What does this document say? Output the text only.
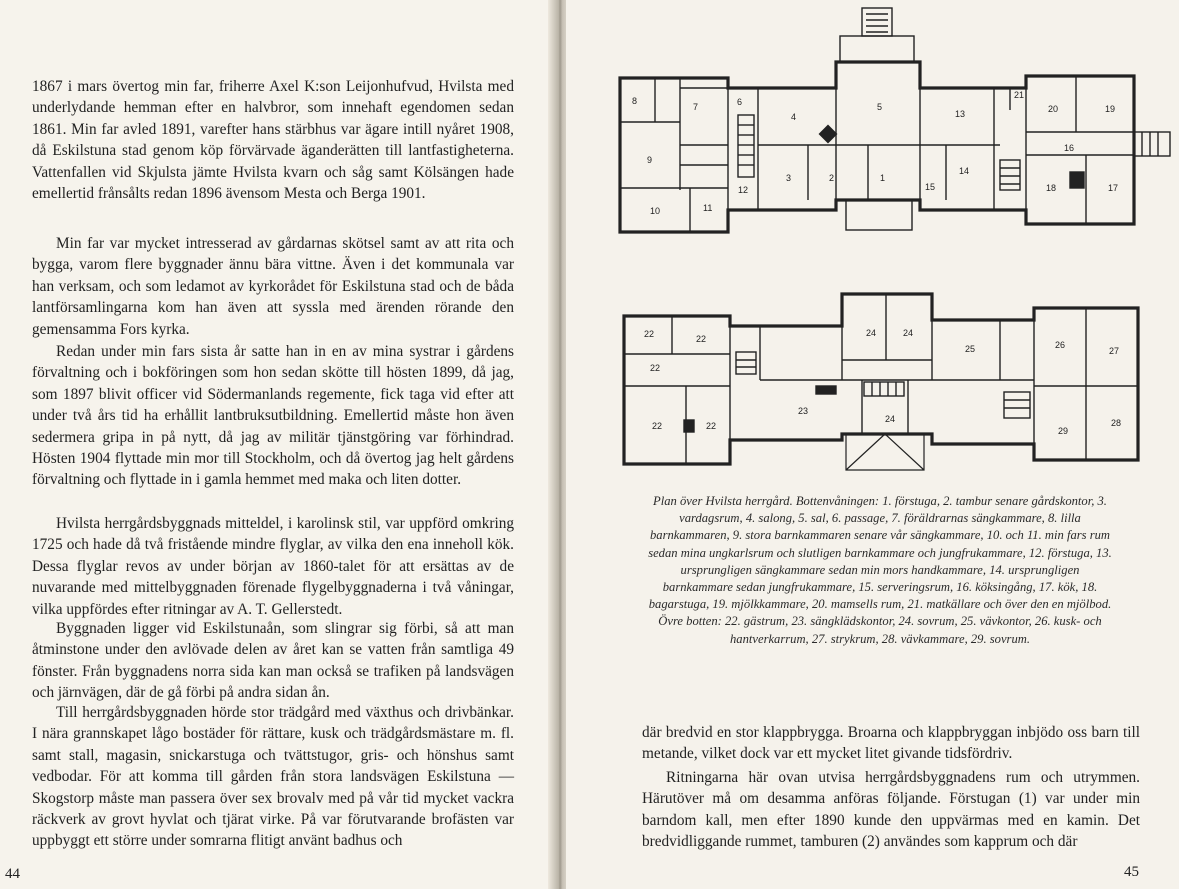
1867 i mars övertog min far, friherre Axel K:son Leijonhufvud, Hvilsta med underlydande hemman efter en halvbror, som innehaft egendomen sedan 1861. Min far avled 1891, varefter hans stärbhus var ägare intill nyåret 1908, då Eskilstuna stad genom köp förvärvade äganderätten till lantfastigheterna. Vattenfallen vid Skjulsta jämte Hvilsta kvarn och såg samt Kölsängen hade emellertid frånsålts redan 1896 ävensom Mesta och Berga 1901.

Min far var mycket intresserad av gårdarnas skötsel samt av att rita och bygga, varom flere byggnader ännu bära vittne. Även i det kommunala var han verksam, och som ledamot av kyrkorådet för Eskilstuna stad och de båda lantförsamlingarna kom han även att syssla med ärenden rörande den gemensamma Fors kyrka.

Redan under min fars sista år satte han in en av mina systrar i gårdens förvaltning och i bokföringen som hon sedan skötte till hösten 1899, då jag, som 1897 blivit officer vid Södermanlands regemente, fick taga vid efter att under två års tid ha erhållit lantbruksutbildning. Emellertid måste hon även sedermera gripa in på nytt, då jag av militär tjänstgöring var förhindrad. Hösten 1904 flyttade min mor till Stockholm, och då övertog jag helt gårdens förvaltning och flyttade in i gamla hemmet med maka och liten dotter.

Hvilsta herrgårdsbyggnads mitteldel, i karolinsk stil, var uppförd omkring 1725 och hade då två fristående mindre flyglar, av vilka den ena inneholl kök. Dessa flyglar revos av under början av 1860-talet för att ersättas av de nuvarande med mittelbyggnaden förenade flygelbyggnaderna i två våningar, vilka uppfördes efter ritningar av A. T. Gellerstedt.

Byggnaden ligger vid Eskilstunaån, som slingrar sig förbi, så att man åtminstone under den avlövade delen av året kan se vatten från samtliga 49 fönster. Från byggnadens norra sida kan man också se trafiken på landsvägen och järnvägen, där de gå förbi på andra sidan ån.

Till herrgårdsbyggnaden hörde stor trädgård med växthus och drivbänkar. I nära grannskapet lågo bostäder för rättare, kusk och trädgårdsmästare m. fl. samt stall, magasin, snickarstuga och tvättstugor, gris- och hönshus samt vedbodar. För att komma till gården från stora landsvägen Eskilstuna —Skogstorp måste man passera över sex brovalv med på vår tid mycket vackra räckverk av grovt hyvlat och tjärat virke. På var förutvarande brofästen var uppbyggt ett större under somrarna flitigt använt badhus och

44
8
7	6
4
5
13
21
20	19
9
16
3	2	1
15
14
12	18	17
10	11
22	22
24	24
25	26
27
22
22	22
23
24
29
28

Plan över Hvilsta herrgård. Bottenvåningen: 1. förstuga, 2. tambur senare gårdskontor, 3. vardagsrum, 4. salong, 5. sal, 6. passage, 7. föräldrarnas sängkammare, 8. lilla barnkammaren, 9. stora barnkammaren senare vår sängkammare, 10. och 11. min fars rum sedan mina ungkarlsrum och slutligen barnkammare och jungfrukammare, 12. förstuga, 13. ursprungligen sängkammare sedan min mors handkammare, 14. ursprungligen barnkammare sedan jungfrukammare, 15. serveringsrum, 16. köksingång, 17. kök, 18. bagarstuga, 19. mjölkkammare, 20. mamsells rum, 21. matkällare och över den en mjölbod. Övre botten: 22. gästrum, 23. sängklädskontor, 24. sovrum, 25. vävkontor, 26. kusk- och hantverkarrum, 27. strykrum, 28. vävkammare, 29. sovrum.

där bredvid en stor klappbrygga. Broarna och klappbryggan inbjödo oss barn till metande, vilket dock var ett mycket litet givande tidsfördriv.

Ritningarna här ovan utvisa herrgårdsbyggnadens rum och utrymmen. Härutöver må om desamma anföras följande. Förstugan (1) var under min barndom kall, men efter 1890 kunde den uppvärmas med en kamin. Det bredvidliggande rummet, tamburen (2) användes som kapprum och där

45
